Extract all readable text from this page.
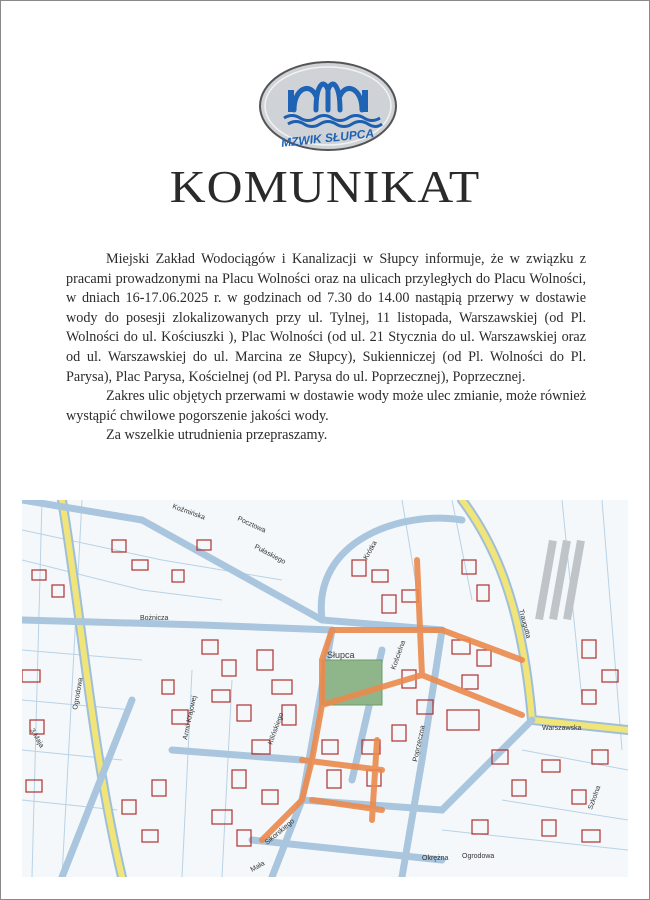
MZWIK SŁUPCA
KOMUNIKAT

Miejski Zakład Wodociągów i Kanalizacji w Słupcy informuje, że w związku z pracami prowadzonymi na Placu Wolności oraz na ulicach przyległych do Placu Wolności, w dniach 16-17.06.2025 r. w godzinach od 7.30 do 14.00 nastąpią przerwy w dostawie wody do posesji zlokalizowanych przy ul. Tylnej, 11 listopada, Warszawskiej (od Pl. Wolności do ul. Kościuszki ), Plac Wolności (od ul. 21 Stycznia do ul. Warszawskiej oraz od ul. Warszawskiej do ul. Marcina ze Słupcy), Sukienniczej (od Pl. Wolności do Pl. Parysa), Plac Parysa, Kościelnej (od Pl. Parysa do ul. Poprzecznej), Poprzecznej.

Zakres ulic objętych przerwami w dostawie wody może ulec zmianie, może również wystąpić chwilowe pogorszenie jakości wody.

Za wszelkie utrudnienia przepraszamy.

Pocztowa
Pułaskiego
Koźmińska
Bożnicza
Ogrodowa
Armii Krajowej
3 Maja
Krótka
Kościelna
Poprzeczna
Kilińskiego
Okrężna
Traugutta
Sikorskiego
Warszawska
Ogrodowa
Szkolna
Mała
Słupca
